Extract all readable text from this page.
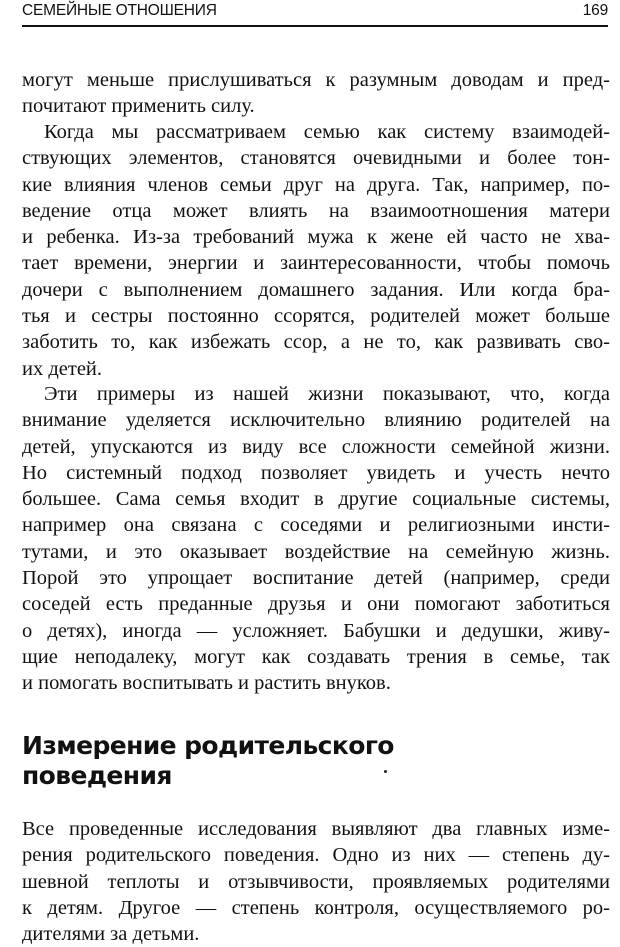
СЕМЕЙНЫЕ ОТНОШЕНИЯ	169

могут меньше прислушиваться к разумным доводам и пред-
почитают применить силу.

Когда мы рассматриваем семью как систему взаимодей-
ствующих элементов, становятся очевидными и более тон-
кие влияния членов семьи друг на друга. Так, например, по-
ведение отца может влиять на взаимоотношения матери
и ребенка. Из-за требований мужа к жене ей часто не хва-
тает времени, энергии и заинтересованности, чтобы помочь
дочери с выполнением домашнего задания. Или когда бра-
тья и сестры постоянно ссорятся, родителей может больше
заботить то, как избежать ссор, а не то, как развивать сво-
их детей.

Эти примеры из нашей жизни показывают, что, когда
внимание уделяется исключительно влиянию родителей на
детей, упускаются из виду все сложности семейной жизни.
Но системный подход позволяет увидеть и учесть нечто
большее. Сама семья входит в другие социальные системы,
например она связана с соседями и религиозными инсти-
тутами, и это оказывает воздействие на семейную жизнь.
Порой это упрощает воспитание детей (например, среди
соседей есть преданные друзья и они помогают заботиться
о детях), иногда — усложняет. Бабушки и дедушки, живу-
щие неподалеку, могут как создавать трения в семье, так
и помогать воспитывать и растить внуков.

Измерение родительского
поведения

Все проведенные исследования выявляют два главных изме-
рения родительского поведения. Одно из них — степень ду-
шевной теплоты и отзывчивости, проявляемых родителями
к детям. Другое — степень контроля, осуществляемого ро-
дителями за детьми.
